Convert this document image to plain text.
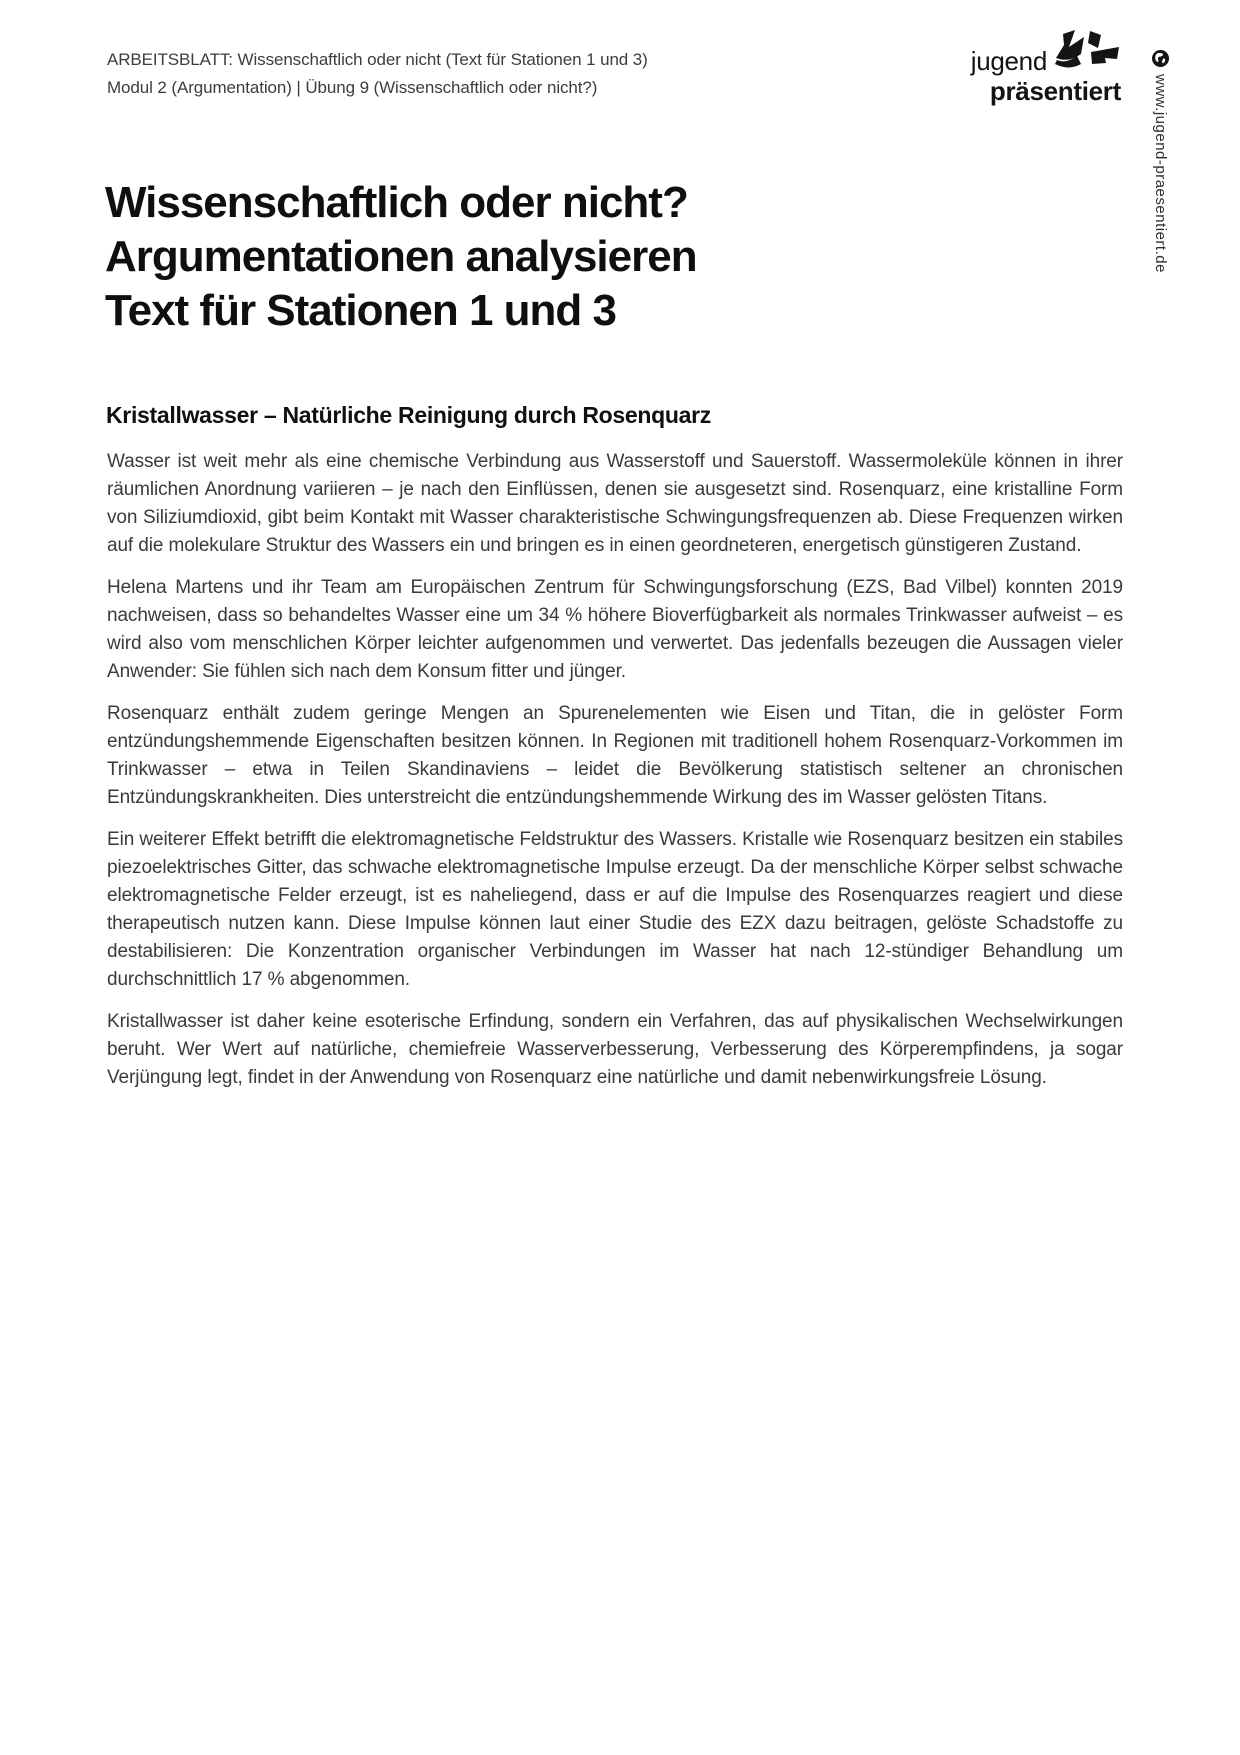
ARBEITSBLATT: Wissenschaftlich oder nicht (Text für Stationen 1 und 3)
Modul 2 (Argumentation) | Übung 9 (Wissenschaftlich oder nicht?)
jugend
präsentiert www.jugend-praesentiert.de
Wissenschaftlich oder nicht?
Argumentationen analysieren
Text für Stationen 1 und 3
Kristallwasser – Natürliche Reinigung durch Rosenquarz

Wasser ist weit mehr als eine chemische Verbindung aus Wasserstoff und Sauerstoff. Wassermoleküle können in ihrer räumlichen Anordnung variieren – je nach den Einflüssen, denen sie ausgesetzt sind. Rosenquarz, eine kristalline Form von Siliziumdioxid, gibt beim Kontakt mit Wasser charakteristische Schwingungsfrequenzen ab. Diese Frequenzen wirken auf die molekulare Struktur des Wassers ein und bringen es in einen geordneteren, energetisch günstigeren Zustand.

Helena Martens und ihr Team am Europäischen Zentrum für Schwingungsforschung (EZS, Bad Vilbel) konnten 2019 nachweisen, dass so behandeltes Wasser eine um 34 % höhere Bioverfügbarkeit als normales Trinkwasser aufweist – es wird also vom menschlichen Körper leichter aufgenommen und verwertet. Das jedenfalls bezeugen die Aussagen vieler Anwender: Sie fühlen sich nach dem Konsum fitter und jünger.

Rosenquarz enthält zudem geringe Mengen an Spurenelementen wie Eisen und Titan, die in gelöster Form entzündungshemmende Eigenschaften besitzen können. In Regionen mit traditionell hohem Rosenquarz-Vorkommen im Trinkwasser – etwa in Teilen Skandinaviens – leidet die Bevölkerung statistisch seltener an chronischen Entzündungskrankheiten. Dies unterstreicht die entzündungshemmende Wirkung des im Wasser gelösten Titans.

Ein weiterer Effekt betrifft die elektromagnetische Feldstruktur des Wassers. Kristalle wie Rosenquarz besitzen ein stabiles piezoelektrisches Gitter, das schwache elektromagnetische Impulse erzeugt. Da der menschliche Körper selbst schwache elektromagnetische Felder erzeugt, ist es naheliegend, dass er auf die Impulse des Rosenquarzes reagiert und diese therapeutisch nutzen kann. Diese Impulse können laut einer Studie des EZX dazu beitragen, gelöste Schadstoffe zu destabilisieren: Die Konzentration organischer Verbindungen im Wasser hat nach 12-stündiger Behandlung um durchschnittlich 17 % abgenommen.

Kristallwasser ist daher keine esoterische Erfindung, sondern ein Verfahren, das auf physikalischen Wechselwirkungen beruht. Wer Wert auf natürliche, chemiefreie Wasserverbesserung, Verbesserung des Körperempfindens, ja sogar Verjüngung legt, findet in der Anwendung von Rosenquarz eine natürliche und damit nebenwirkungsfreie Lösung.
